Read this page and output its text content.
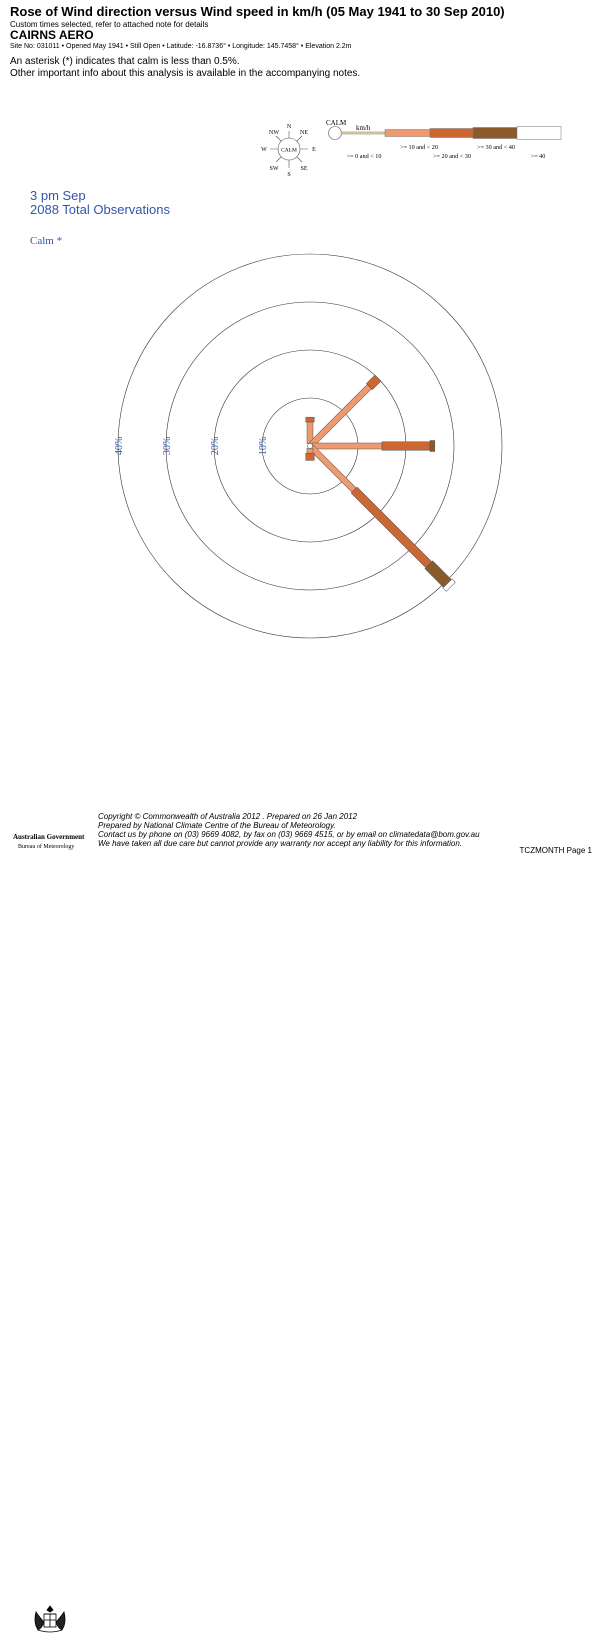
Rose of Wind direction versus Wind speed in km/h (05 May 1941 to 30 Sep 2010)
Custom times selected, refer to attached note for details
CAIRNS AERO
Site No: 031011 • Opened May 1941 • Still Open • Latitude: -16.8736° • Longitude: 145.7458° • Elevation 2.2m
An asterisk (*) indicates that calm is less than 0.5%.
Other important info about this analysis is available in the accompanying notes.
CALM
N
S
W	E
NW	NE
SW	SE
CALM
km/h
>= 0 and < 10
>= 10 and < 20
>= 20 and < 30
>= 30 and < 40
>= 40
10%
20%
30%
40%
3 pm Sep
2088 Total Observations
Calm *
Australian Government
Bureau of Meteorology
Copyright © Commonwealth of Australia 2012 . Prepared on 26 Jan 2012
Prepared by National Climate Centre of the Bureau of Meteorology.
Contact us by phone on (03) 9669 4082, by fax on (03) 9669 4515, or by email on climatedata@bom.gov.au
We have taken all due care but cannot provide any warranty nor accept any liability for this information.
TCZMONTH Page 1
